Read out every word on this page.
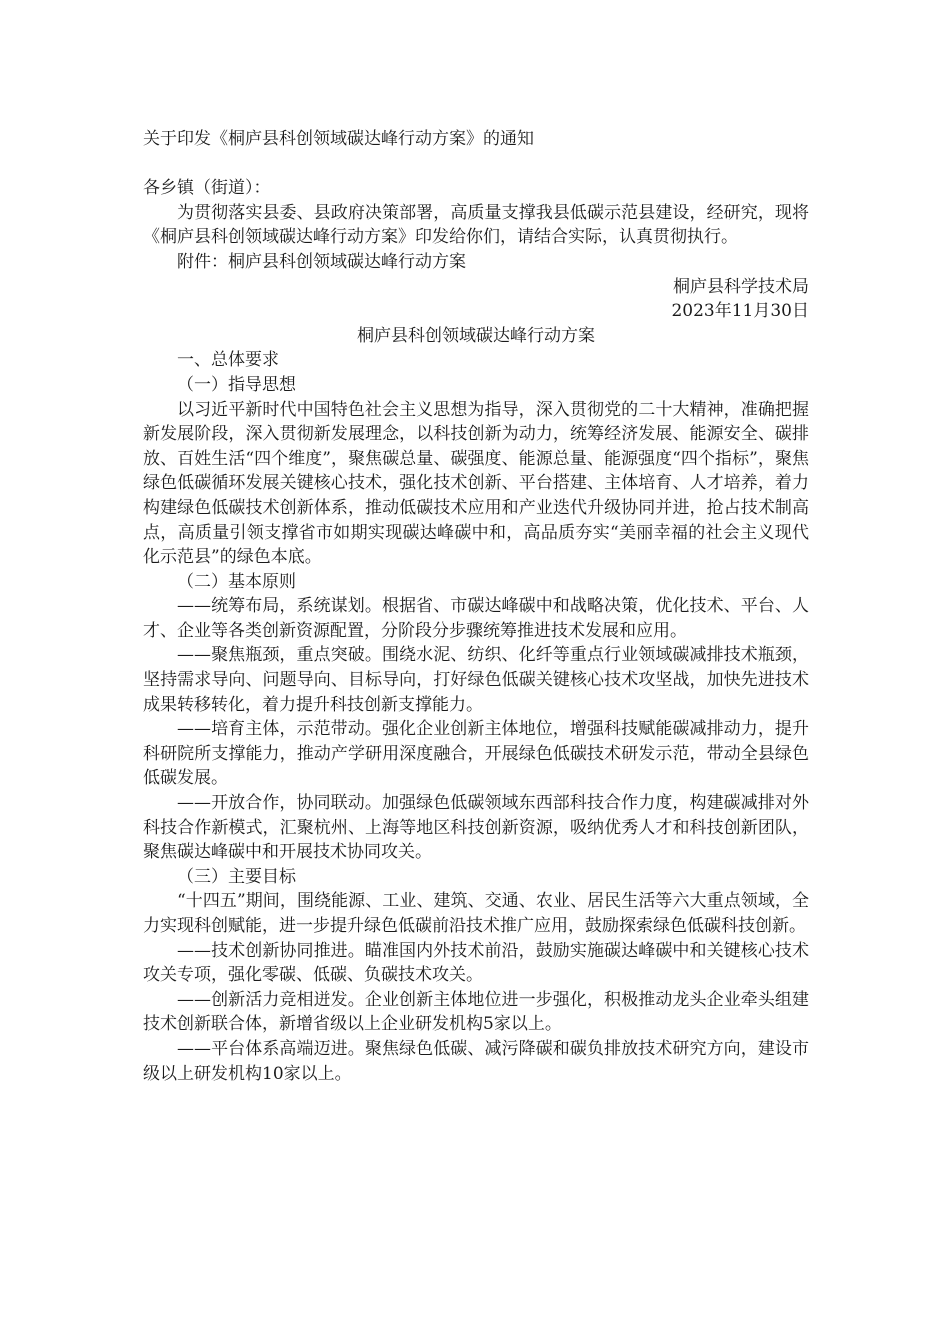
关于印发《桐庐县科创领域碳达峰行动方案》的通知

各乡镇（街道）：

为贯彻落实县委、县政府决策部署，高质量支撑我县低碳示范县建设，经研究，现将《桐庐县科创领域碳达峰行动方案》印发给你们，请结合实际，认真贯彻执行。

附件：桐庐县科创领域碳达峰行动方案

桐庐县科学技术局

2023年11月30日

桐庐县科创领域碳达峰行动方案

一、总体要求

（一）指导思想

以习近平新时代中国特色社会主义思想为指导，深入贯彻党的二十大精神，准确把握新发展阶段，深入贯彻新发展理念，以科技创新为动力，统筹经济发展、能源安全、碳排放、百姓生活“四个维度”，聚焦碳总量、碳强度、能源总量、能源强度“四个指标”，聚焦绿色低碳循环发展关键核心技术，强化技术创新、平台搭建、主体培育、人才培养，着力构建绿色低碳技术创新体系，推动低碳技术应用和产业迭代升级协同并进，抢占技术制高点，高质量引领支撑省市如期实现碳达峰碳中和，高品质夯实“美丽幸福的社会主义现代化示范县”的绿色本底。

（二）基本原则

——统筹布局，系统谋划。根据省、市碳达峰碳中和战略决策，优化技术、平台、人才、企业等各类创新资源配置，分阶段分步骤统筹推进技术发展和应用。

——聚焦瓶颈，重点突破。围绕水泥、纺织、化纤等重点行业领域碳减排技术瓶颈，坚持需求导向、问题导向、目标导向，打好绿色低碳关键核心技术攻坚战，加快先进技术成果转移转化，着力提升科技创新支撑能力。

——培育主体，示范带动。强化企业创新主体地位，增强科技赋能碳减排动力，提升科研院所支撑能力，推动产学研用深度融合，开展绿色低碳技术研发示范，带动全县绿色低碳发展。

——开放合作，协同联动。加强绿色低碳领域东西部科技合作力度，构建碳减排对外科技合作新模式，汇聚杭州、上海等地区科技创新资源，吸纳优秀人才和科技创新团队，聚焦碳达峰碳中和开展技术协同攻关。

（三）主要目标

“十四五”期间，围绕能源、工业、建筑、交通、农业、居民生活等六大重点领域，全力实现科创赋能，进一步提升绿色低碳前沿技术推广应用，鼓励探索绿色低碳科技创新。

——技术创新协同推进。瞄准国内外技术前沿，鼓励实施碳达峰碳中和关键核心技术攻关专项，强化零碳、低碳、负碳技术攻关。

——创新活力竞相迸发。企业创新主体地位进一步强化，积极推动龙头企业牵头组建技术创新联合体，新增省级以上企业研发机构5家以上。

——平台体系高端迈进。聚焦绿色低碳、减污降碳和碳负排放技术研究方向，建设市级以上研发机构10家以上。
